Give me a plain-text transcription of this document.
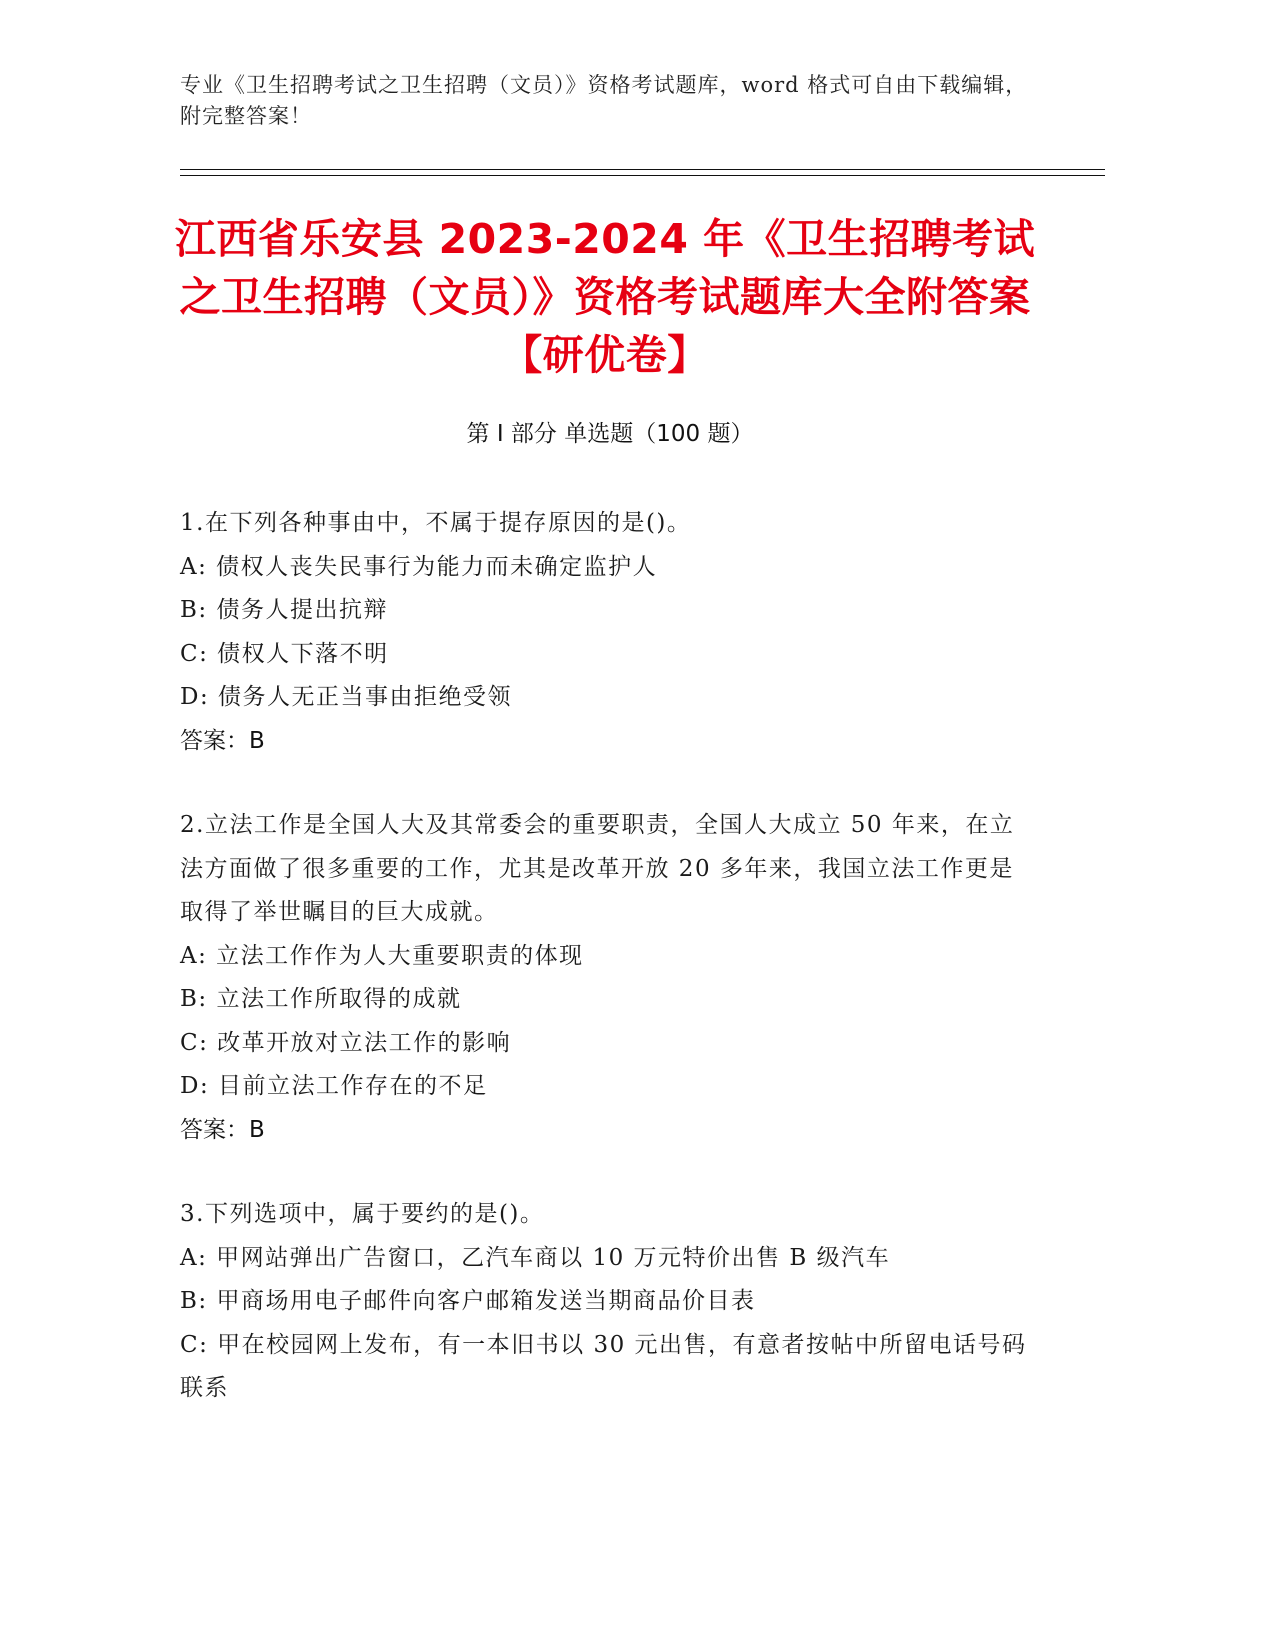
专业《卫生招聘考试之卫生招聘（文员）》资格考试题库，word 格式可自由下载编辑，附完整答案！
江西省乐安县 2023-2024 年《卫生招聘考试之卫生招聘（文员）》资格考试题库大全附答案【研优卷】
第 I 部分 单选题（100 题）
1.在下列各种事由中，不属于提存原因的是()。
A: 债权人丧失民事行为能力而未确定监护人
B: 债务人提出抗辩
C: 债权人下落不明
D: 债务人无正当事由拒绝受领
答案：B
2.立法工作是全国人大及其常委会的重要职责，全国人大成立 50 年来，在立法方面做了很多重要的工作，尤其是改革开放 20 多年来，我国立法工作更是取得了举世瞩目的巨大成就。
A: 立法工作作为人大重要职责的体现
B: 立法工作所取得的成就
C: 改革开放对立法工作的影响
D: 目前立法工作存在的不足
答案：B
3.下列选项中，属于要约的是()。
A: 甲网站弹出广告窗口，乙汽车商以 10 万元特价出售 B 级汽车
B: 甲商场用电子邮件向客户邮箱发送当期商品价目表
C: 甲在校园网上发布，有一本旧书以 30 元出售，有意者按帖中所留电话号码联系
